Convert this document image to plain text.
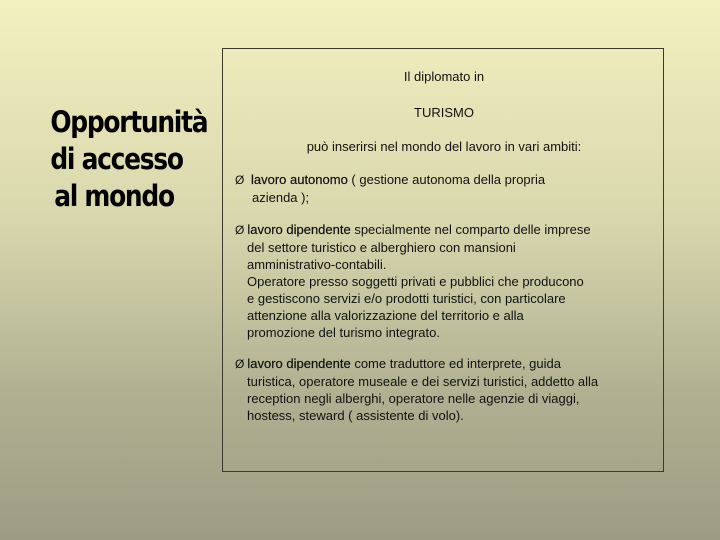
Opportunità
di accesso
al mondo
Il diplomato in
TURISMO
può inserirsi nel mondo del lavoro in vari ambiti:
Ø lavoro autonomo ( gestione autonoma della propria
azienda );
Ø lavoro dipendente specialmente nel comparto delle imprese
del settore turistico e alberghiero con mansioni
amministrativo-contabili.
Operatore presso soggetti privati e pubblici che producono
e gestiscono servizi e/o prodotti turistici, con particolare
attenzione alla valorizzazione del territorio e alla
promozione del turismo integrato.
Ø lavoro dipendente come traduttore ed interprete, guida
turistica, operatore museale e dei servizi turistici, addetto alla
reception negli alberghi, operatore nelle agenzie di viaggi,
hostess, steward ( assistente di volo).
